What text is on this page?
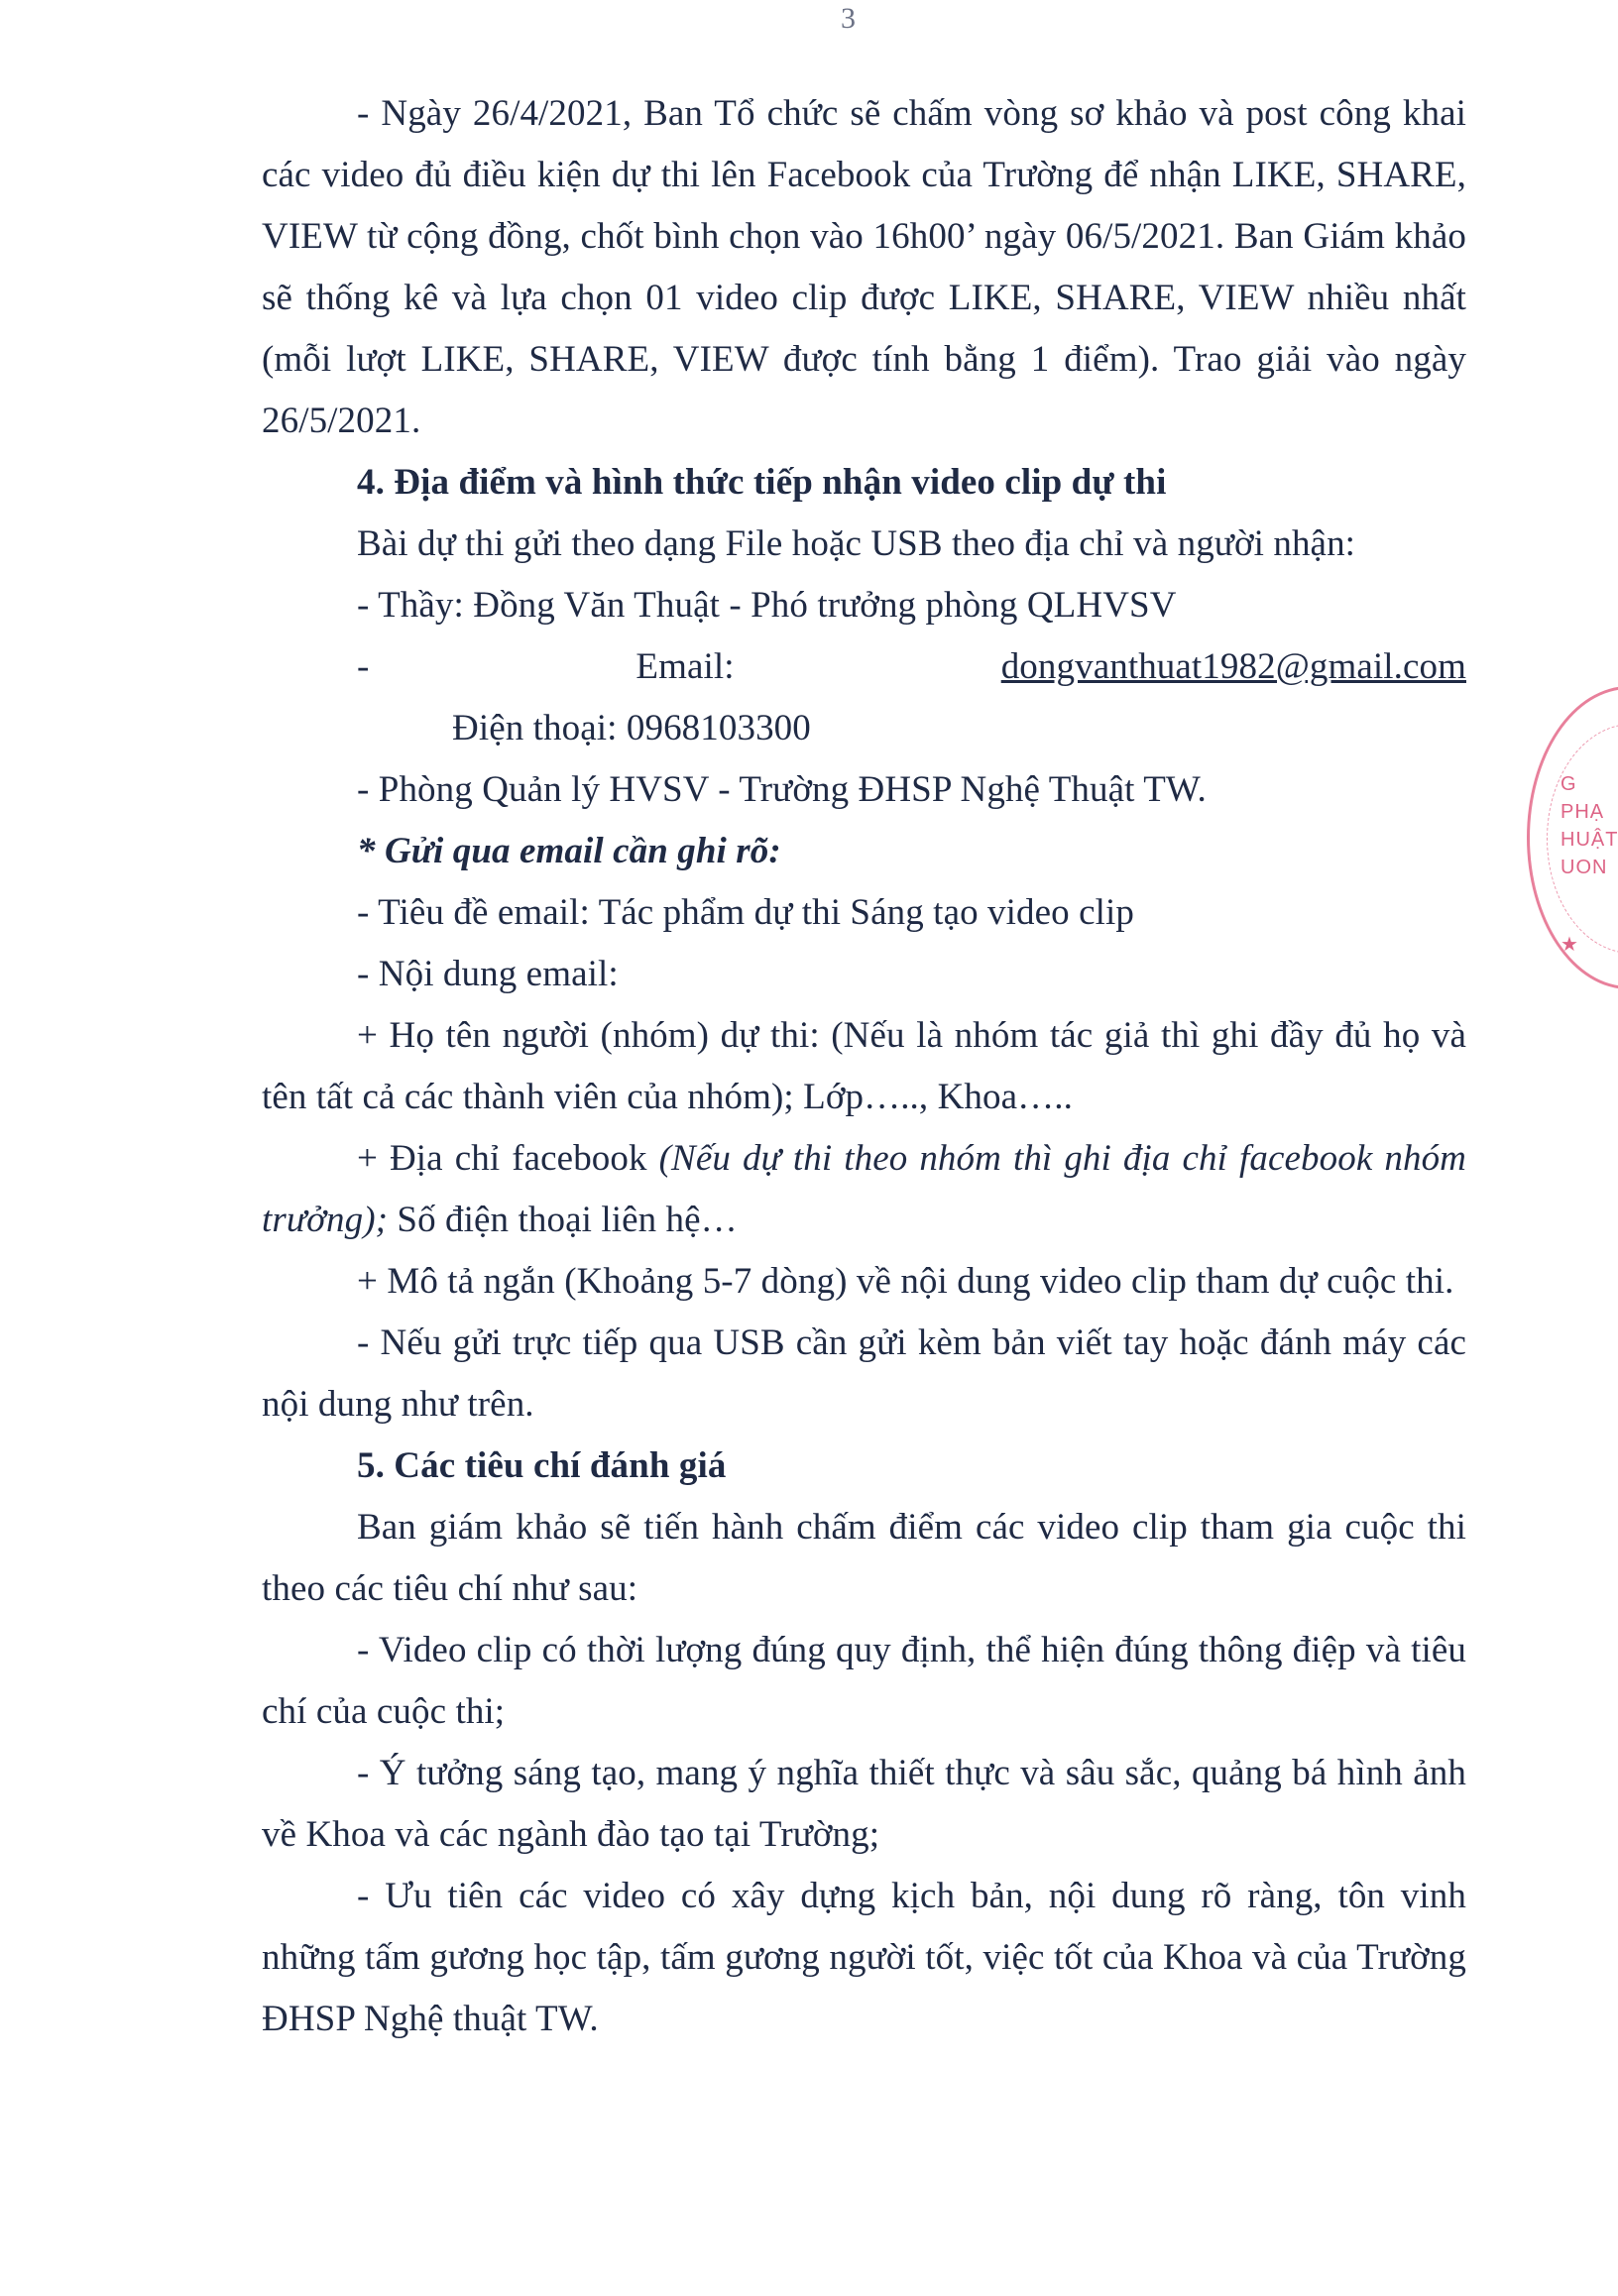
3

- Ngày 26/4/2021, Ban Tổ chức sẽ chấm vòng sơ khảo và post công khai các video đủ điều kiện dự thi lên Facebook của Trường để nhận LIKE, SHARE, VIEW từ cộng đồng, chốt bình chọn vào 16h00’ ngày 06/5/2021. Ban Giám khảo sẽ thống kê và lựa chọn 01 video clip được LIKE, SHARE, VIEW nhiều nhất (mỗi lượt LIKE, SHARE, VIEW được tính bằng 1 điểm). Trao giải vào ngày 26/5/2021.

4. Địa điểm và hình thức tiếp nhận video clip dự thi

Bài dự thi gửi theo dạng File hoặc USB theo địa chỉ và người nhận:

- Thầy: Đồng Văn Thuật - Phó trưởng phòng QLHVSV

- Email: dongvanthuat1982@gmail.comĐiện thoại: 0968103300

- Phòng Quản lý HVSV - Trường ĐHSP Nghệ Thuật TW.

* Gửi qua email cần ghi rõ:

- Tiêu đề email: Tác phẩm dự thi Sáng tạo video clip

- Nội dung email:

+ Họ tên người (nhóm) dự thi: (Nếu là nhóm tác giả thì ghi đầy đủ họ và tên tất cả các thành viên của nhóm); Lớp….., Khoa…..

+ Địa chỉ facebook (Nếu dự thi theo nhóm thì ghi địa chỉ facebook nhóm trưởng); Số điện thoại liên hệ…

+ Mô tả ngắn (Khoảng 5-7 dòng) về nội dung video clip tham dự cuộc thi.

- Nếu gửi trực tiếp qua USB cần gửi kèm bản viết tay hoặc đánh máy các nội dung như trên.

5. Các tiêu chí đánh giá

Ban giám khảo sẽ tiến hành chấm điểm các video clip tham gia cuộc thi theo các tiêu chí như sau:

- Video clip có thời lượng đúng quy định, thể hiện đúng thông điệp và tiêu chí của cuộc thi;

- Ý tưởng sáng tạo, mang ý nghĩa thiết thực và sâu sắc, quảng bá hình ảnh về Khoa và các ngành đào tạo tại Trường;

- Ưu tiên các video có xây dựng kịch bản, nội dung rõ ràng, tôn vinh những tấm gương học tập, tấm gương người tốt, việc tốt của Khoa và của Trường ĐHSP Nghệ thuật TW.

G
PHẠ
HUẬT
UON
★
